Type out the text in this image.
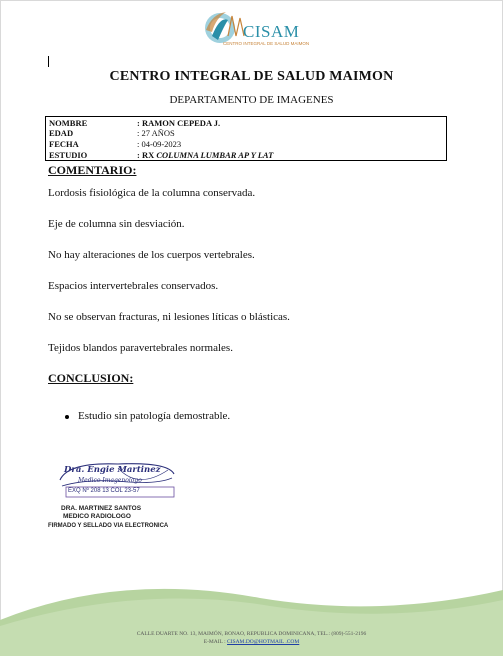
CISAM
CENTRO INTEGRAL DE SALUD MAIMON
CENTRO INTEGRAL DE SALUD MAIMON
DEPARTAMENTO DE IMAGENES
NOMBRE	: RAMON CEPEDA J.
EDAD	: 27 AÑOS
FECHA	: 04-09-2023
ESTUDIO	: RX COLUMNA LUMBAR AP Y LAT
COMENTARIO:
Lordosis fisiológica de la columna conservada.
Eje de columna sin desviación.
No hay alteraciones de los cuerpos vertebrales.
Espacios intervertebrales conservados.
No se observan fracturas, ni lesiones líticas o blásticas.
Tejidos blandos paravertebrales normales.
CONCLUSION:
Estudio sin patología demostrable.
Dra. Engie Martinez
Medico Imagenologo
EXQ Nº 208 13 COL 23-57
DRA. MARTINEZ SANTOS
MEDICO RADIOLOGO
FIRMADO Y SELLADO VIA ELECTRONICA
CALLE DUARTE NO. 13, MAIMÓN, BONAO, REPUBLICA DOMINICANA, TEL.: (809)-551-2196
E-MAIL : CISAM.DO@HOTMAIL .COM
